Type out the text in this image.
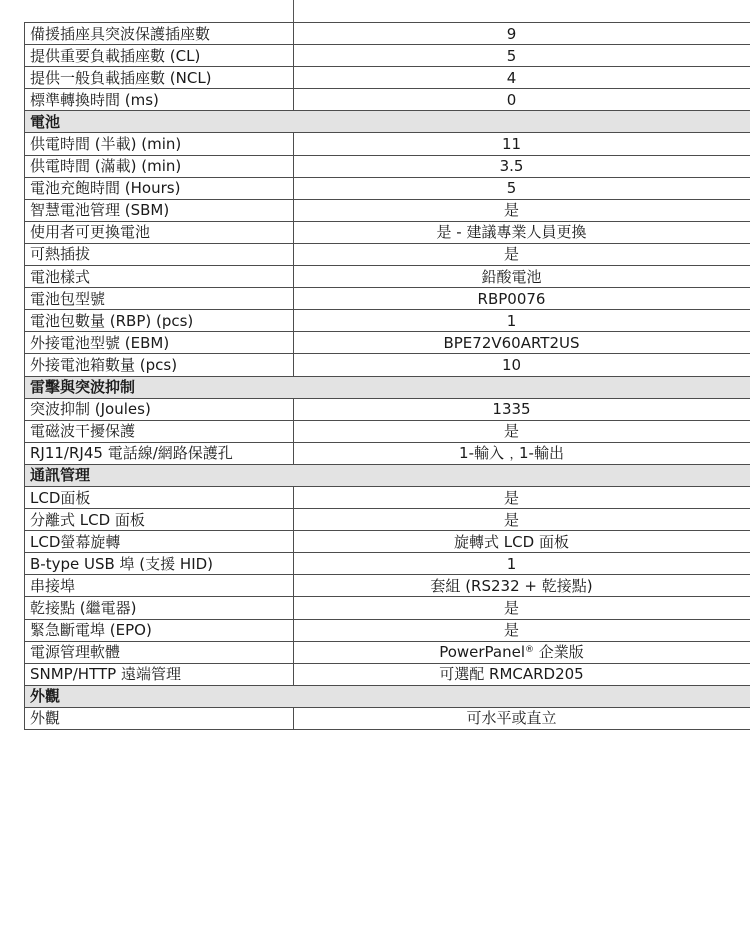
備援插座具突波保護插座數	9
提供重要負載插座數 (CL)	5
提供一般負載插座數 (NCL)	4
標準轉換時間 (ms)	0
電池	
供電時間 (半載) (min)	11
供電時間 (滿載) (min)	3.5
電池充飽時間 (Hours)	5
智慧電池管理 (SBM)	是
使用者可更換電池	是 - 建議專業人員更換
可熱插拔	是
電池樣式	鉛酸電池
電池包型號	RBP0076
電池包數量 (RBP) (pcs)	1
外接電池型號 (EBM)	BPE72V60ART2US
外接電池箱數量 (pcs)	10
雷擊與突波抑制	
突波抑制 (Joules)	1335
電磁波干擾保護	是
RJ11/RJ45 電話線/網路保護孔	1-輸入﹐1-輸出
通訊管理	
LCD面板	是
分離式 LCD 面板	是
LCD螢幕旋轉	旋轉式 LCD 面板
B-type USB 埠 (支援 HID)	1
串接埠	套組 (RS232 + 乾接點)
乾接點 (繼電器)	是
緊急斷電埠 (EPO)	是
電源管理軟體	PowerPanel® 企業版
SNMP/HTTP 遠端管理	可選配 RMCARD205
外觀	
外觀	可水平或直立
